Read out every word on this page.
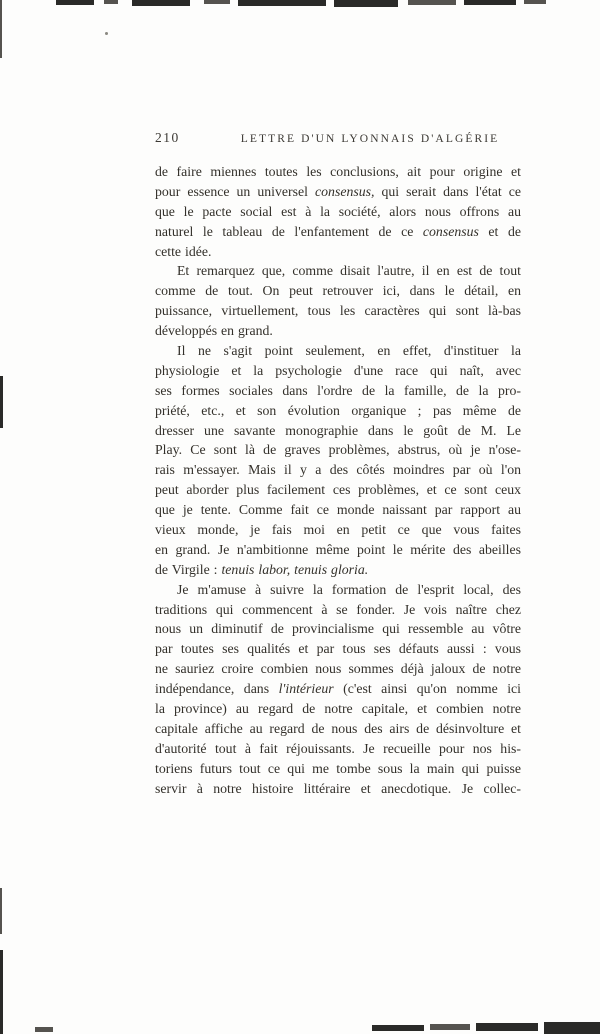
210	LETTRE D'UN LYONNAIS D'ALGÉRIE
de faire miennes toutes les conclusions, ait pour origine et
pour essence un universel consensus, qui serait dans l'état ce
que le pacte social est à la société, alors nous offrons au
naturel le tableau de l'enfantement de ce consensus et de
cette idée.
Et remarquez que, comme disait l'autre, il en est de tout
comme de tout. On peut retrouver ici, dans le détail, en
puissance, virtuellement, tous les caractères qui sont là-bas
développés en grand.
Il ne s'agit point seulement, en effet, d'instituer la
physiologie et la psychologie d'une race qui naît, avec
ses formes sociales dans l'ordre de la famille, de la pro-
priété, etc., et son évolution organique ; pas même de
dresser une savante monographie dans le goût de M. Le
Play. Ce sont là de graves problèmes, abstrus, où je n'ose-
rais m'essayer. Mais il y a des côtés moindres par où l'on
peut aborder plus facilement ces problèmes, et ce sont ceux
que je tente. Comme fait ce monde naissant par rapport au
vieux monde, je fais moi en petit ce que vous faites
en grand. Je n'ambitionne même point le mérite des abeilles
de Virgile : tenuis labor, tenuis gloria.
Je m'amuse à suivre la formation de l'esprit local, des
traditions qui commencent à se fonder. Je vois naître chez
nous un diminutif de provincialisme qui ressemble au vôtre
par toutes ses qualités et par tous ses défauts aussi : vous
ne sauriez croire combien nous sommes déjà jaloux de notre
indépendance, dans l'intérieur (c'est ainsi qu'on nomme ici
la province) au regard de notre capitale, et combien notre
capitale affiche au regard de nous des airs de désinvolture et
d'autorité tout à fait réjouissants. Je recueille pour nos his-
toriens futurs tout ce qui me tombe sous la main qui puisse
servir à notre histoire littéraire et anecdotique. Je collec-
